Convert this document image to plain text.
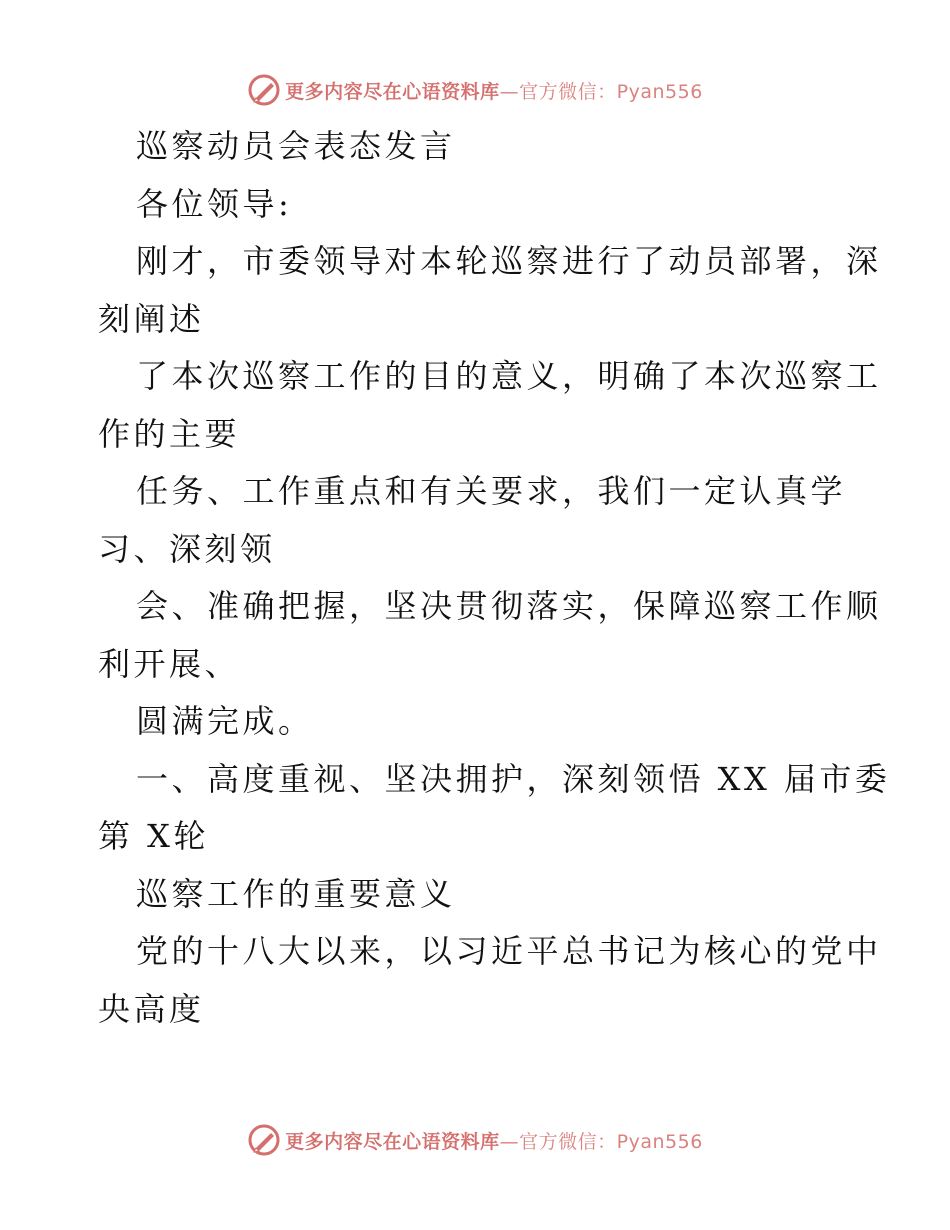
更多内容尽在心语资料库 —官方微信：Pyan556
巡察动员会表态发言
各位领导:
刚才，市委领导对本轮巡察进行了动员部署，深
刻阐述
了本次巡察工作的目的意义，明确了本次巡察工
作的主要
任务、工作重点和有关要求，我们一定认真学
习、深刻领
会、准确把握，坚决贯彻落实，保障巡察工作顺
利开展、
圆满完成。
一、高度重视、坚决拥护，深刻领悟 XX 届市委
第 X轮
巡察工作的重要意义
党的十八大以来，以习近平总书记为核心的党中
央高度
更多内容尽在心语资料库 —官方微信：Pyan556
